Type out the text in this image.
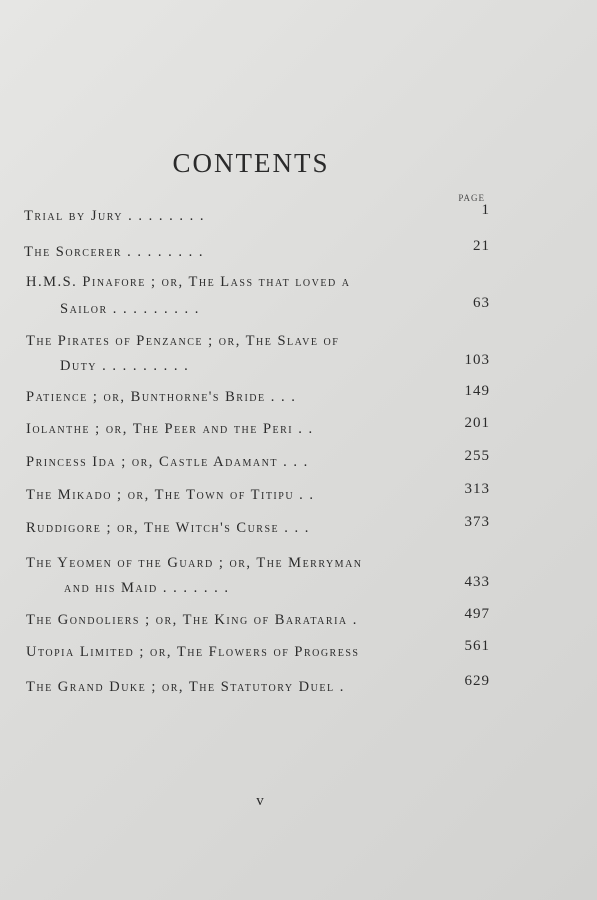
CONTENTS
PAGE
Trial by Jury . . . . . . . .	1
The Sorcerer . . . . . . . .	21
H.M.S. Pinafore ; or, The Lass that loved a
Sailor . . . . . . . . .	63
The Pirates of Penzance ; or, The Slave of
Duty . . . . . . . . .	103
Patience ; or, Bunthorne's Bride . . .	149
Iolanthe ; or, The Peer and the Peri . .	201
Princess Ida ; or, Castle Adamant . . .	255
The Mikado ; or, The Town of Titipu . .	313
Ruddigore ; or, The Witch's Curse . . .	373
The Yeomen of the Guard ; or, The Merryman
and his Maid . . . . . . .	433
The Gondoliers ; or, The King of Barataria .	497
Utopia Limited ; or, The Flowers of Progress	561
The Grand Duke ; or, The Statutory Duel .	629
v
